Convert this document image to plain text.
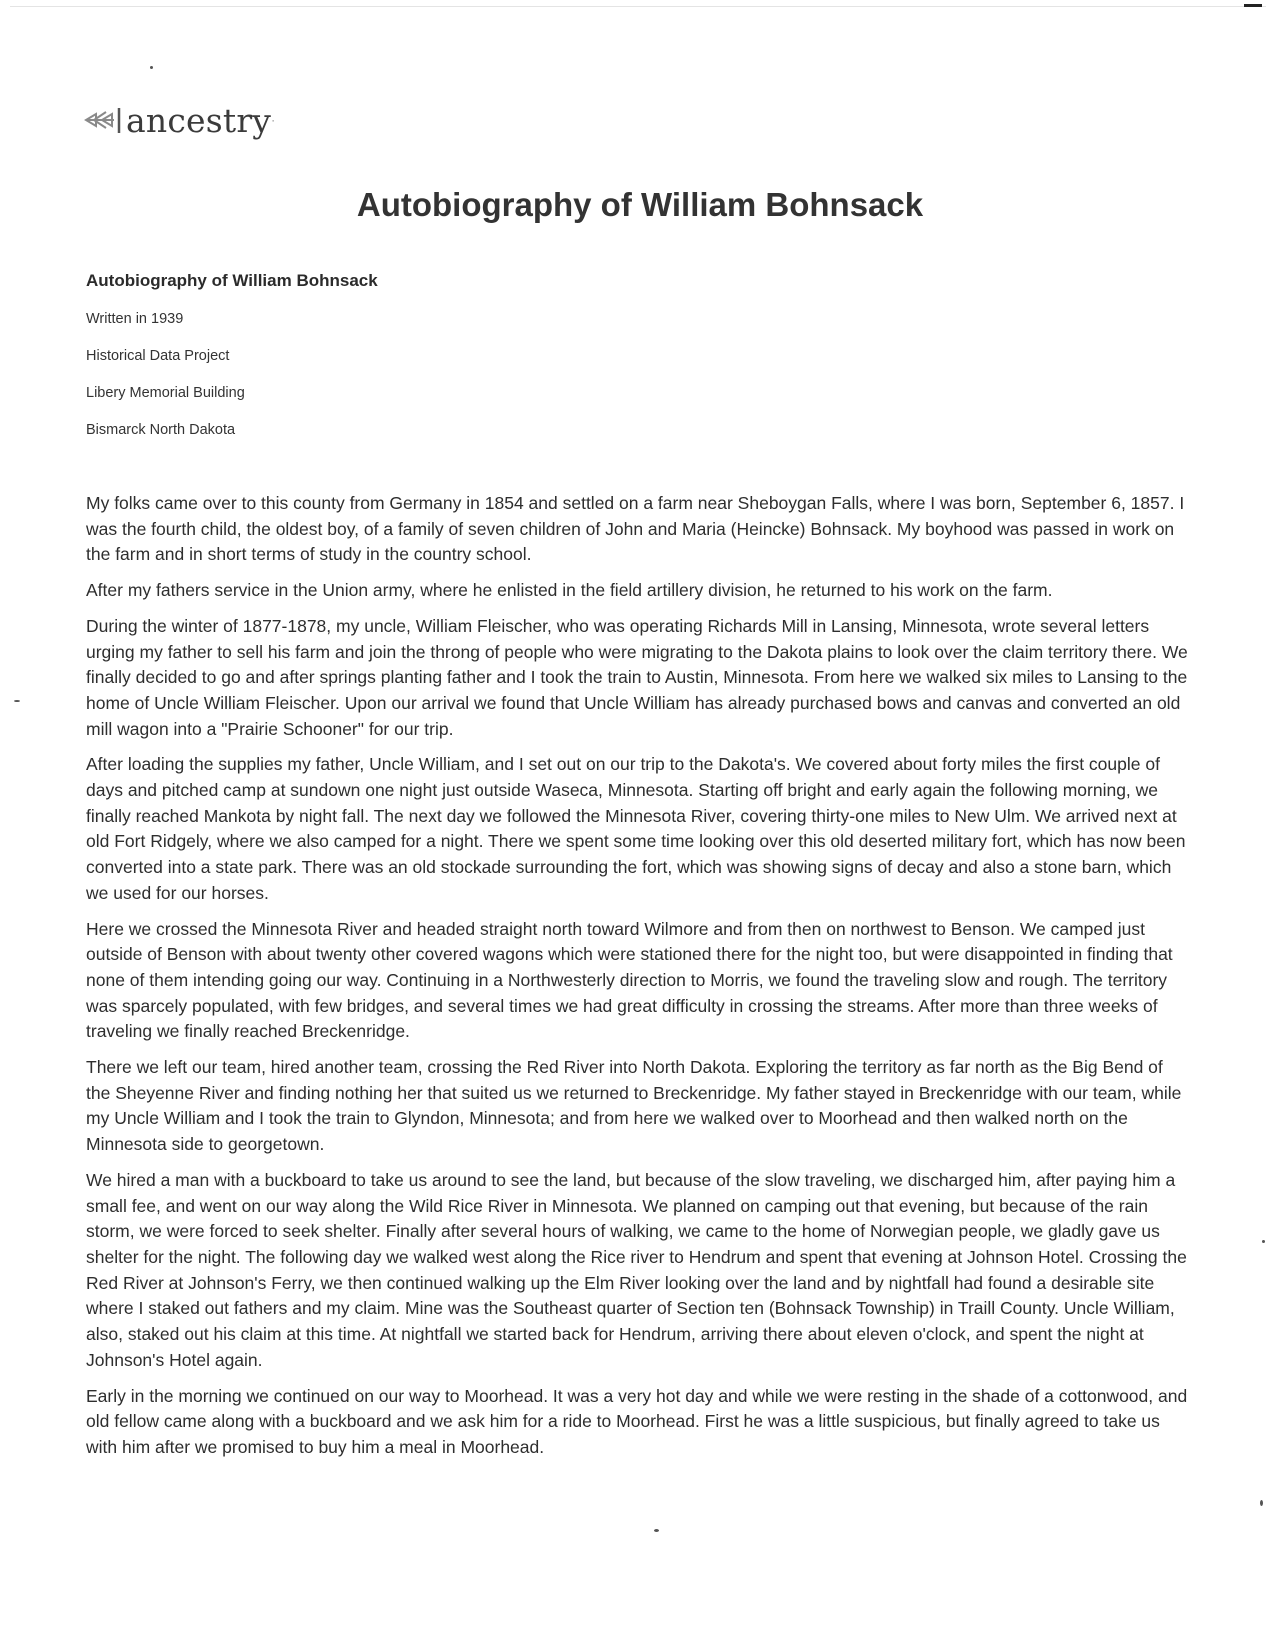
ancestry ·
Autobiography of William Bohnsack

Autobiography of William Bohnsack

Written in 1939

Historical Data Project

Libery Memorial Building

Bismarck North Dakota

My folks came over to this county from Germany in 1854 and settled on a farm near Sheboygan Falls, where I was born, September 6, 1857. I was the fourth child, the oldest boy, of a family of seven children of John and Maria (Heincke) Bohnsack. My boyhood was passed in work on the farm and in short terms of study in the country school.

After my fathers service in the Union army, where he enlisted in the field artillery division, he returned to his work on the farm.

During the winter of 1877-1878, my uncle, William Fleischer, who was operating Richards Mill in Lansing, Minnesota, wrote several letters urging my father to sell his farm and join the throng of people who were migrating to the Dakota plains to look over the claim territory there. We finally decided to go and after springs planting father and I took the train to Austin, Minnesota. From here we walked six miles to Lansing to the home of Uncle William Fleischer. Upon our arrival we found that Uncle William has already purchased bows and canvas and converted an old mill wagon into a "Prairie Schooner" for our trip.

After loading the supplies my father, Uncle William, and I set out on our trip to the Dakota's. We covered about forty miles the first couple of days and pitched camp at sundown one night just outside Waseca, Minnesota. Starting off bright and early again the following morning, we finally reached Mankota by night fall. The next day we followed the Minnesota River, covering thirty-one miles to New Ulm. We arrived next at old Fort Ridgely, where we also camped for a night. There we spent some time looking over this old deserted military fort, which has now been converted into a state park. There was an old stockade surrounding the fort, which was showing signs of decay and also a stone barn, which we used for our horses.

Here we crossed the Minnesota River and headed straight north toward Wilmore and from then on northwest to Benson. We camped just outside of Benson with about twenty other covered wagons which were stationed there for the night too, but were disappointed in finding that none of them intending going our way. Continuing in a Northwesterly direction to Morris, we found the traveling slow and rough. The territory was sparcely populated, with few bridges, and several times we had great difficulty in crossing the streams. After more than three weeks of traveling we finally reached Breckenridge.

There we left our team, hired another team, crossing the Red River into North Dakota. Exploring the territory as far north as the Big Bend of the Sheyenne River and finding nothing her that suited us we returned to Breckenridge. My father stayed in Breckenridge with our team, while my Uncle William and I took the train to Glyndon, Minnesota; and from here we walked over to Moorhead and then walked north on the Minnesota side to georgetown.

We hired a man with a buckboard to take us around to see the land, but because of the slow traveling, we discharged him, after paying him a small fee, and went on our way along the Wild Rice River in Minnesota. We planned on camping out that evening, but because of the rain storm, we were forced to seek shelter. Finally after several hours of walking, we came to the home of Norwegian people, we gladly gave us shelter for the night. The following day we walked west along the Rice river to Hendrum and spent that evening at Johnson Hotel. Crossing the Red River at Johnson's Ferry, we then continued walking up the Elm River looking over the land and by nightfall had found a desirable site where I staked out fathers and my claim. Mine was the Southeast quarter of Section ten (Bohnsack Township) in Traill County. Uncle William, also, staked out his claim at this time. At nightfall we started back for Hendrum, arriving there about eleven o'clock, and spent the night at Johnson's Hotel again.

Early in the morning we continued on our way to Moorhead. It was a very hot day and while we were resting in the shade of a cottonwood, and old fellow came along with a buckboard and we ask him for a ride to Moorhead. First he was a little suspicious, but finally agreed to take us with him after we promised to buy him a meal in Moorhead.
